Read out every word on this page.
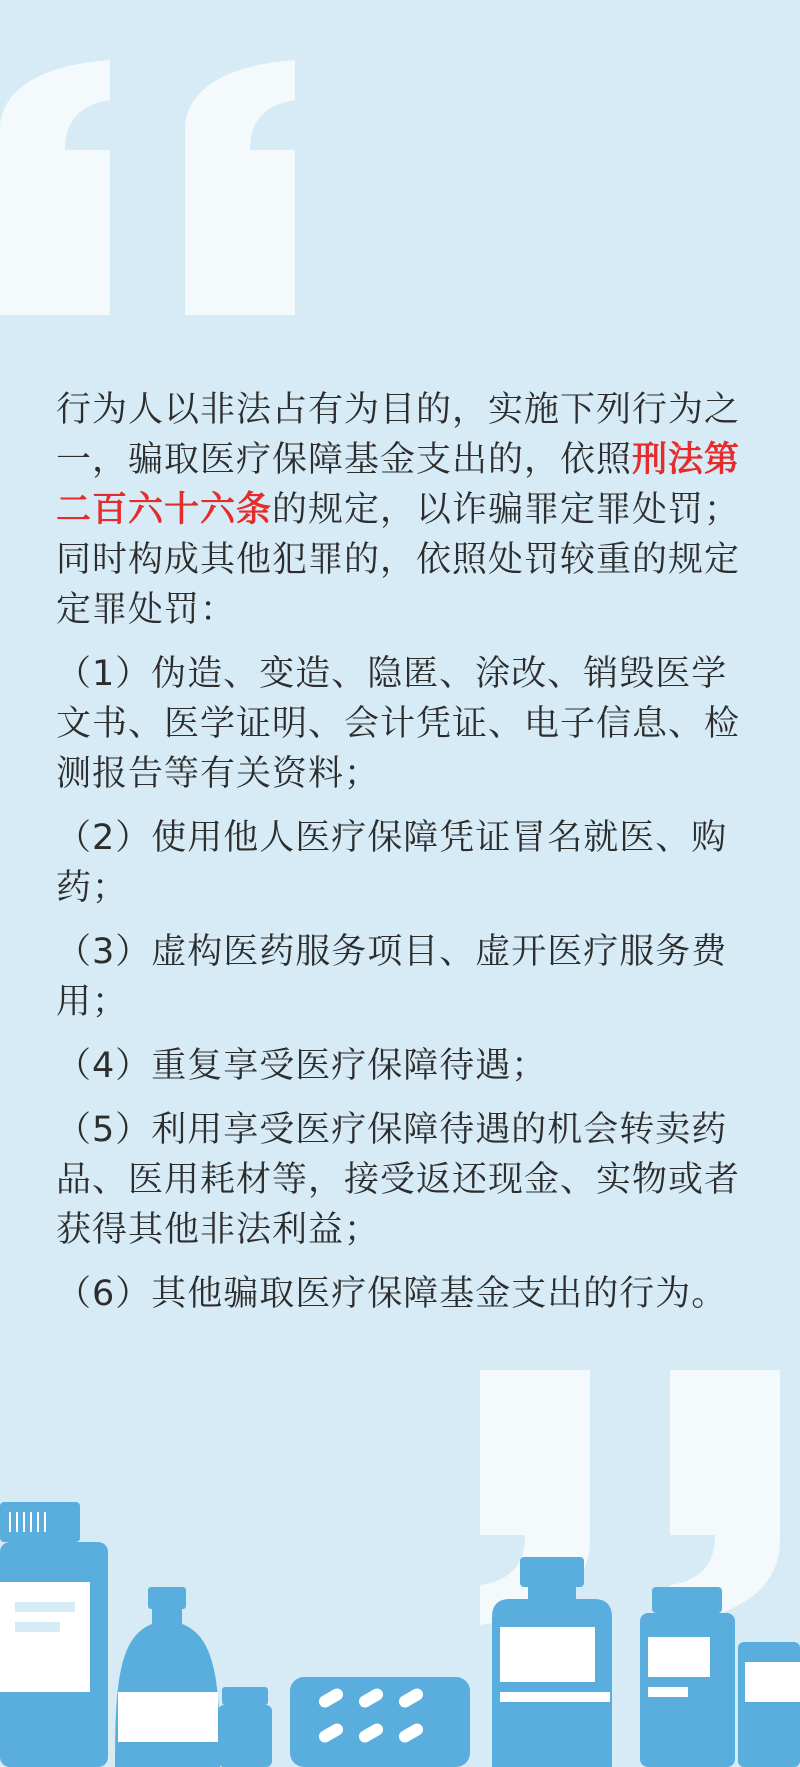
行为人以非法占有为目的，实施下列行为之一，骗取医疗保障基金支出的，依照刑法第二百六十六条的规定，以诈骗罪定罪处罚；同时构成其他犯罪的，依照处罚较重的规定定罪处罚：

（1）伪造、变造、隐匿、涂改、销毁医学文书、医学证明、会计凭证、电子信息、检测报告等有关资料；

（2）使用他人医疗保障凭证冒名就医、购药；

（3）虚构医药服务项目、虚开医疗服务费用；

（4）重复享受医疗保障待遇；

（5）利用享受医疗保障待遇的机会转卖药品、医用耗材等，接受返还现金、实物或者获得其他非法利益；

（6）其他骗取医疗保障基金支出的行为。
